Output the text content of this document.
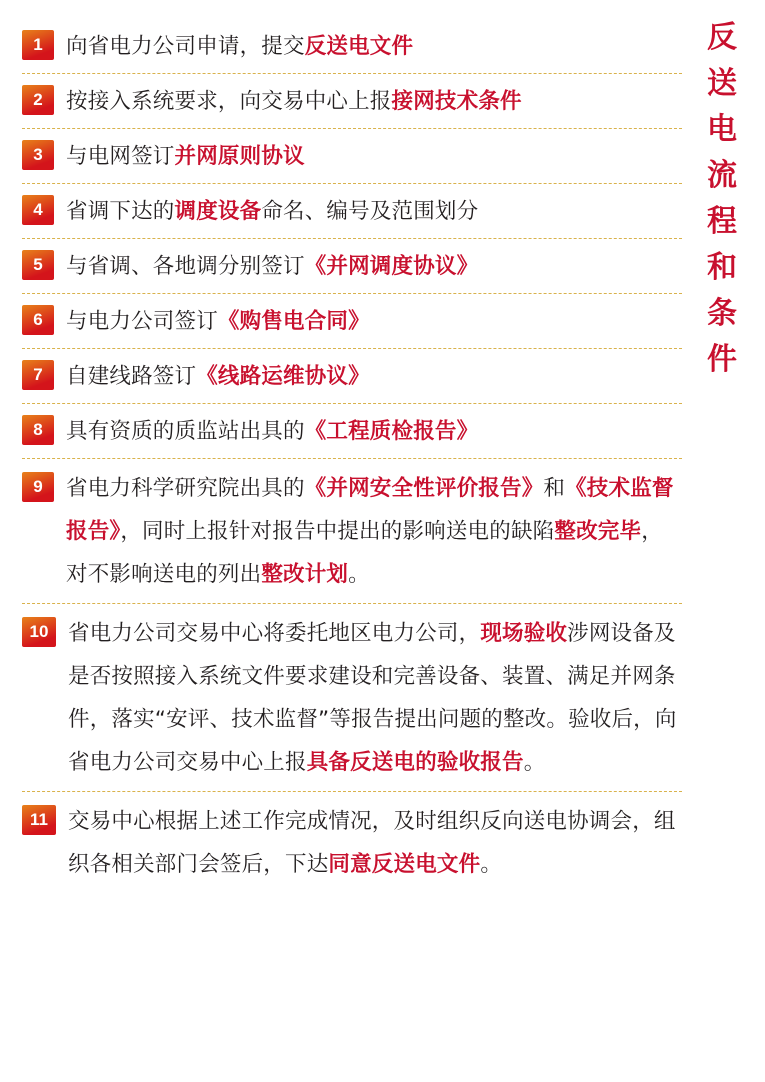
反
送
电
流
程
和
条
件
1	向省电力公司申请，提交反送电文件
2	按接入系统要求，向交易中心上报接网技术条件
3	与电网签订并网原则协议
4	省调下达的调度设备命名、编号及范围划分
5	与省调、各地调分别签订《并网调度协议》
6	与电力公司签订《购售电合同》
7	自建线路签订《线路运维协议》
8	具有资质的质监站出具的《工程质检报告》
9	省电力科学研究院出具的《并网安全性评价报告》和《技术监督报告》，同时上报针对报告中提出的影响送电的缺陷整改完毕，对不影响送电的列出整改计划。
10 省电力公司交易中心将委托地区电力公司，现场验收涉网设备及是否按照接入系统文件要求建设和完善设备、装置、满足并网条件，落实“安评、技术监督”等报告提出问题的整改。验收后，向省电力公司交易中心上报具备反送电的验收报告。
11 交易中心根据上述工作完成情况，及时组织反向送电协调会，组织各相关部门会签后，下达同意反送电文件。
